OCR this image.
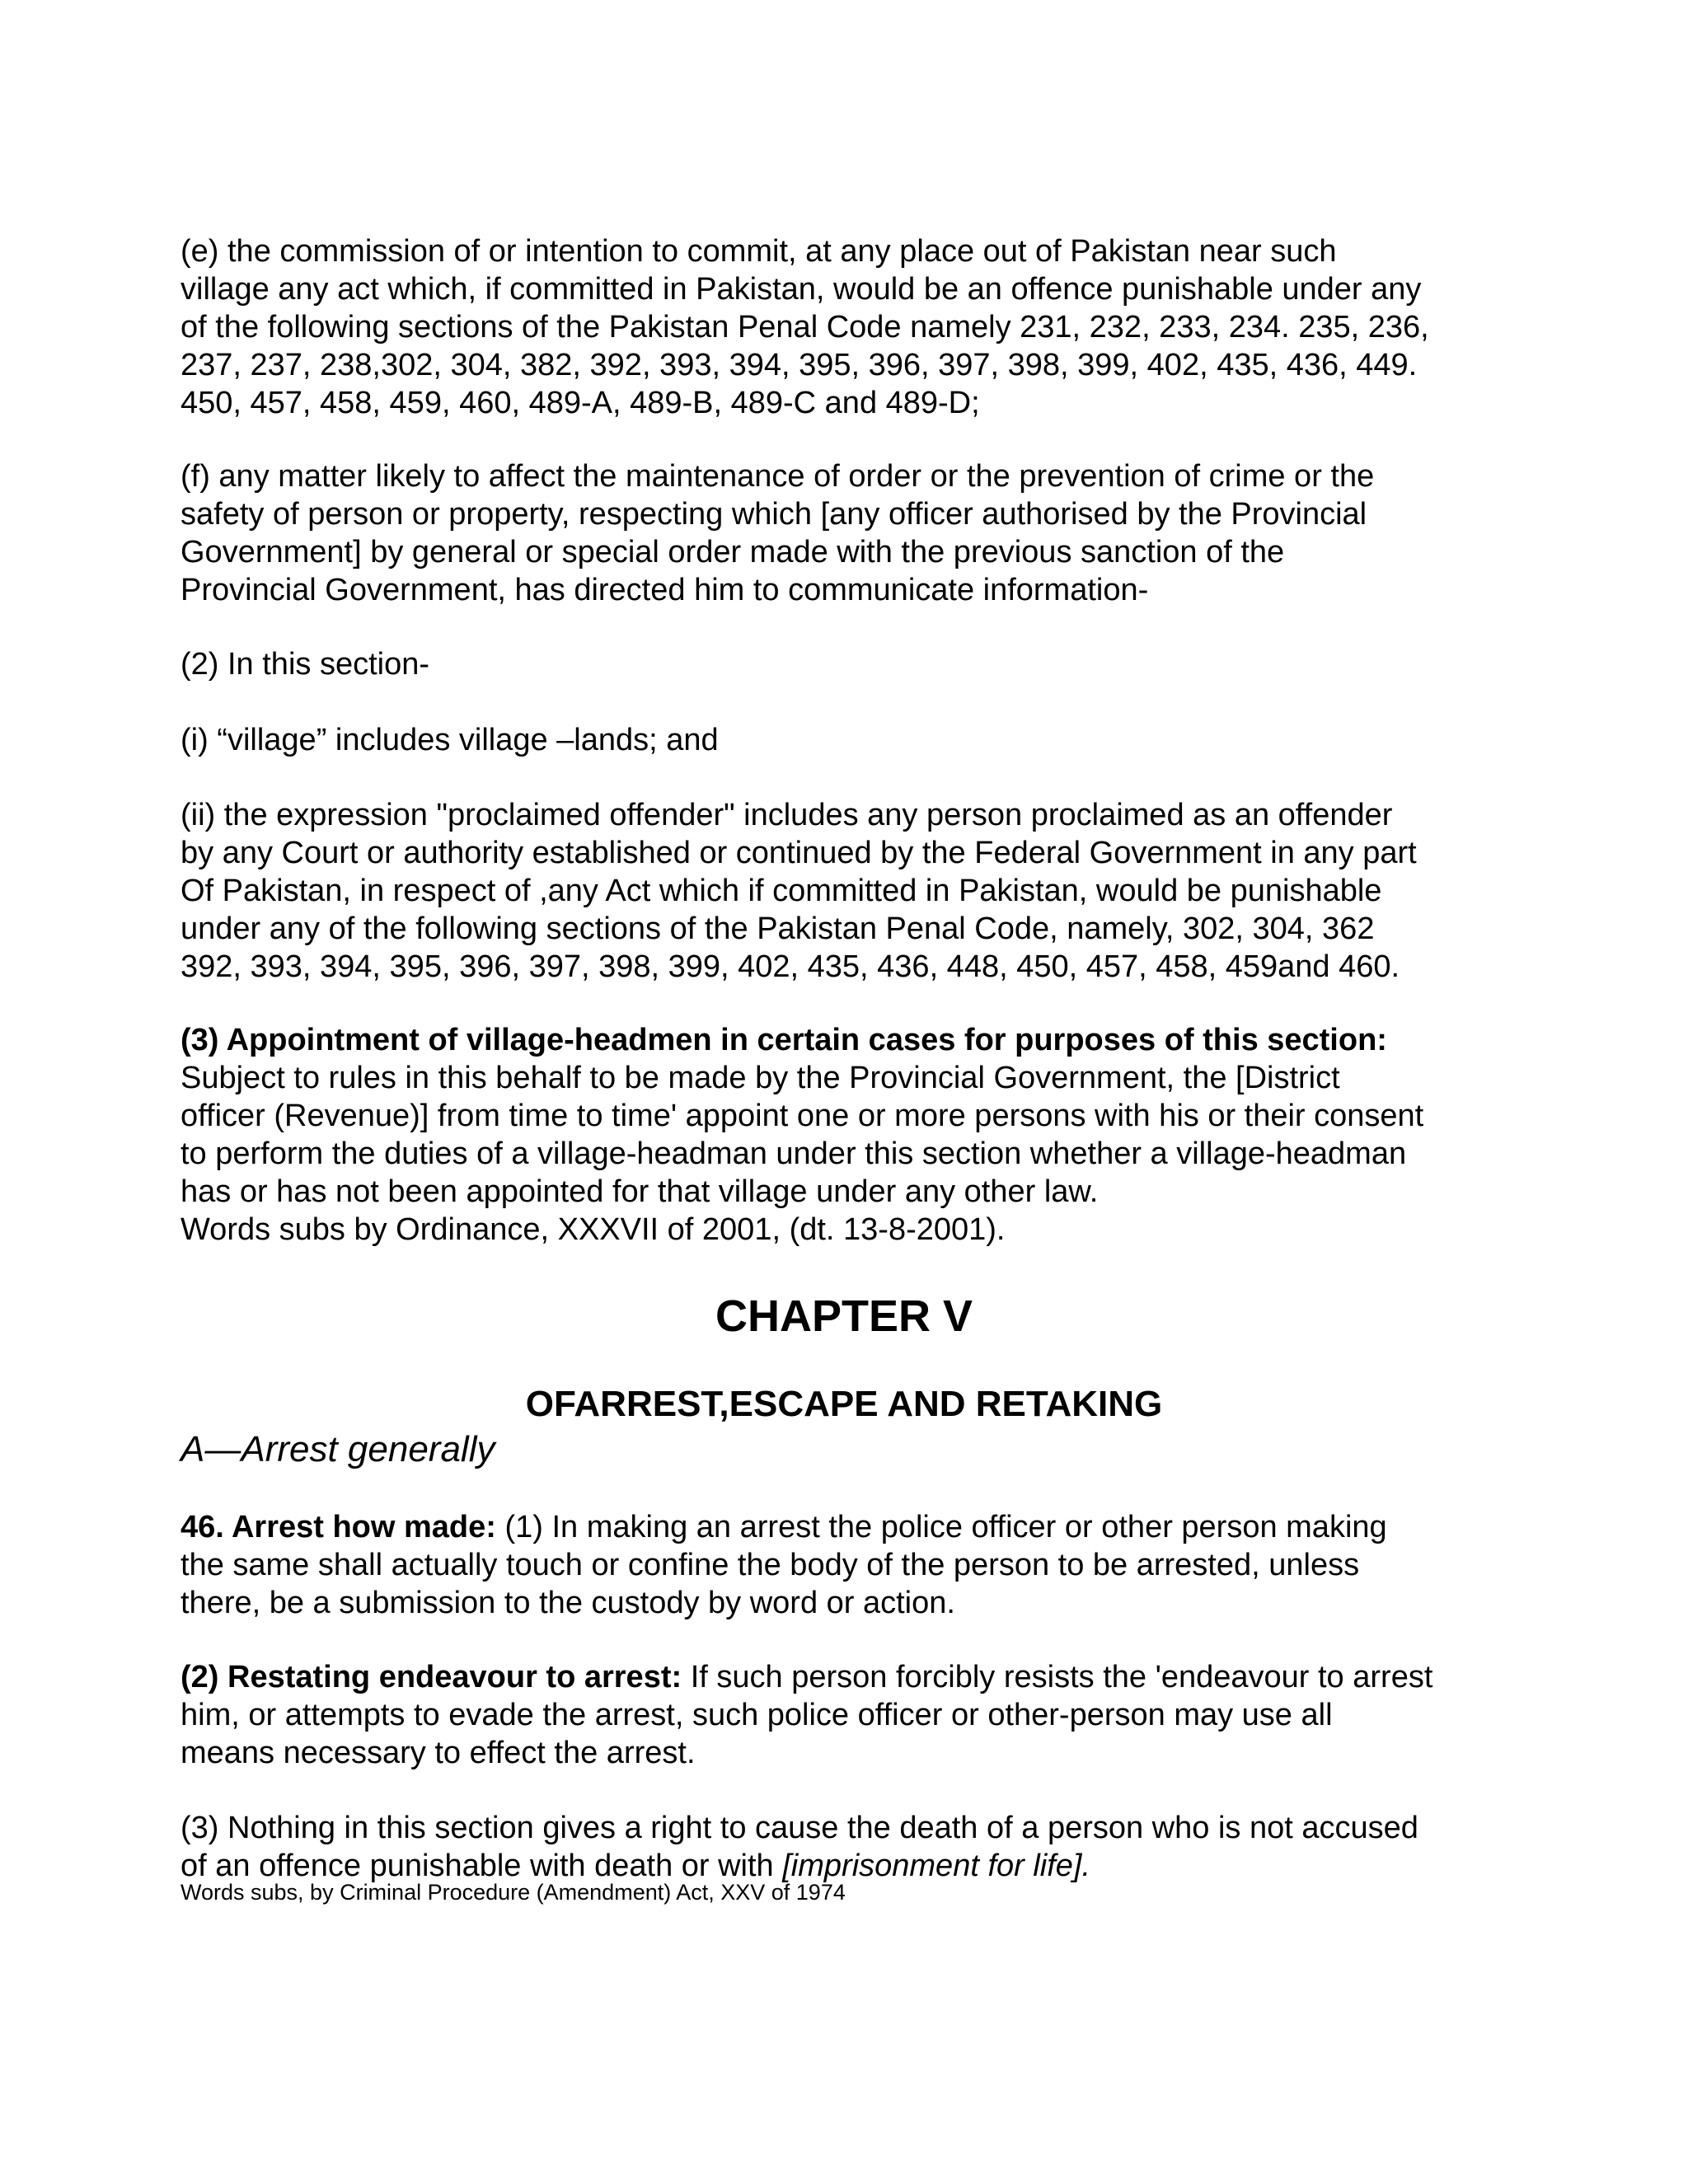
(e) the commission of or intention to commit, at any place out of Pakistan near such
village any act which, if committed in Pakistan, would be an offence punishable under any
of the following sections of the Pakistan Penal Code namely 231, 232, 233, 234. 235, 236,
237, 237, 238,302, 304, 382, 392, 393, 394, 395, 396, 397, 398, 399, 402, 435, 436, 449.
450, 457, 458, 459, 460, 489-A, 489-B, 489-C and 489-D;
(f) any matter likely to affect the maintenance of order or the prevention of crime or the
safety of person or property, respecting which [any officer authorised by the Provincial
Government] by general or special order made with the previous sanction of the
Provincial Government, has directed him to communicate information-
(2) In this section-
(i) “village” includes village –lands; and
(ii) the expression "proclaimed offender" includes any person proclaimed as an offender
by any Court or authority established or continued by the Federal Government in any part
Of Pakistan, in respect of ,any Act which if committed in Pakistan, would be punishable
under any of the following sections of the Pakistan Penal Code, namely, 302, 304, 362
392, 393, 394, 395, 396, 397, 398, 399, 402, 435, 436, 448, 450, 457, 458, 459and 460.
(3) Appointment of village-headmen in certain cases for purposes of this section:
Subject to rules in this behalf to be made by the Provincial Government, the [District
officer (Revenue)] from time to time' appoint one or more persons with his or their consent
to perform the duties of a village-headman under this section whether a village-headman
has or has not been appointed for that village under any other law.
Words subs by Ordinance, XXXVII of 2001, (dt. 13-8-2001).
CHAPTER V
OFARREST,ESCAPE AND RETAKING
A—Arrest generally
46. Arrest how made: (1) In making an arrest the police officer or other person making
the same shall actually touch or confine the body of the person to be arrested, unless
there, be a submission to the custody by word or action.
(2) Restating endeavour to arrest: If such person forcibly resists the 'endeavour to arrest
him, or attempts to evade the arrest, such police officer or other-person may use all
means necessary to effect the arrest.
(3) Nothing in this section gives a right to cause the death of a person who is not accused
of an offence punishable with death or with [imprisonment for life].
Words subs, by Criminal Procedure (Amendment) Act, XXV of 1974
